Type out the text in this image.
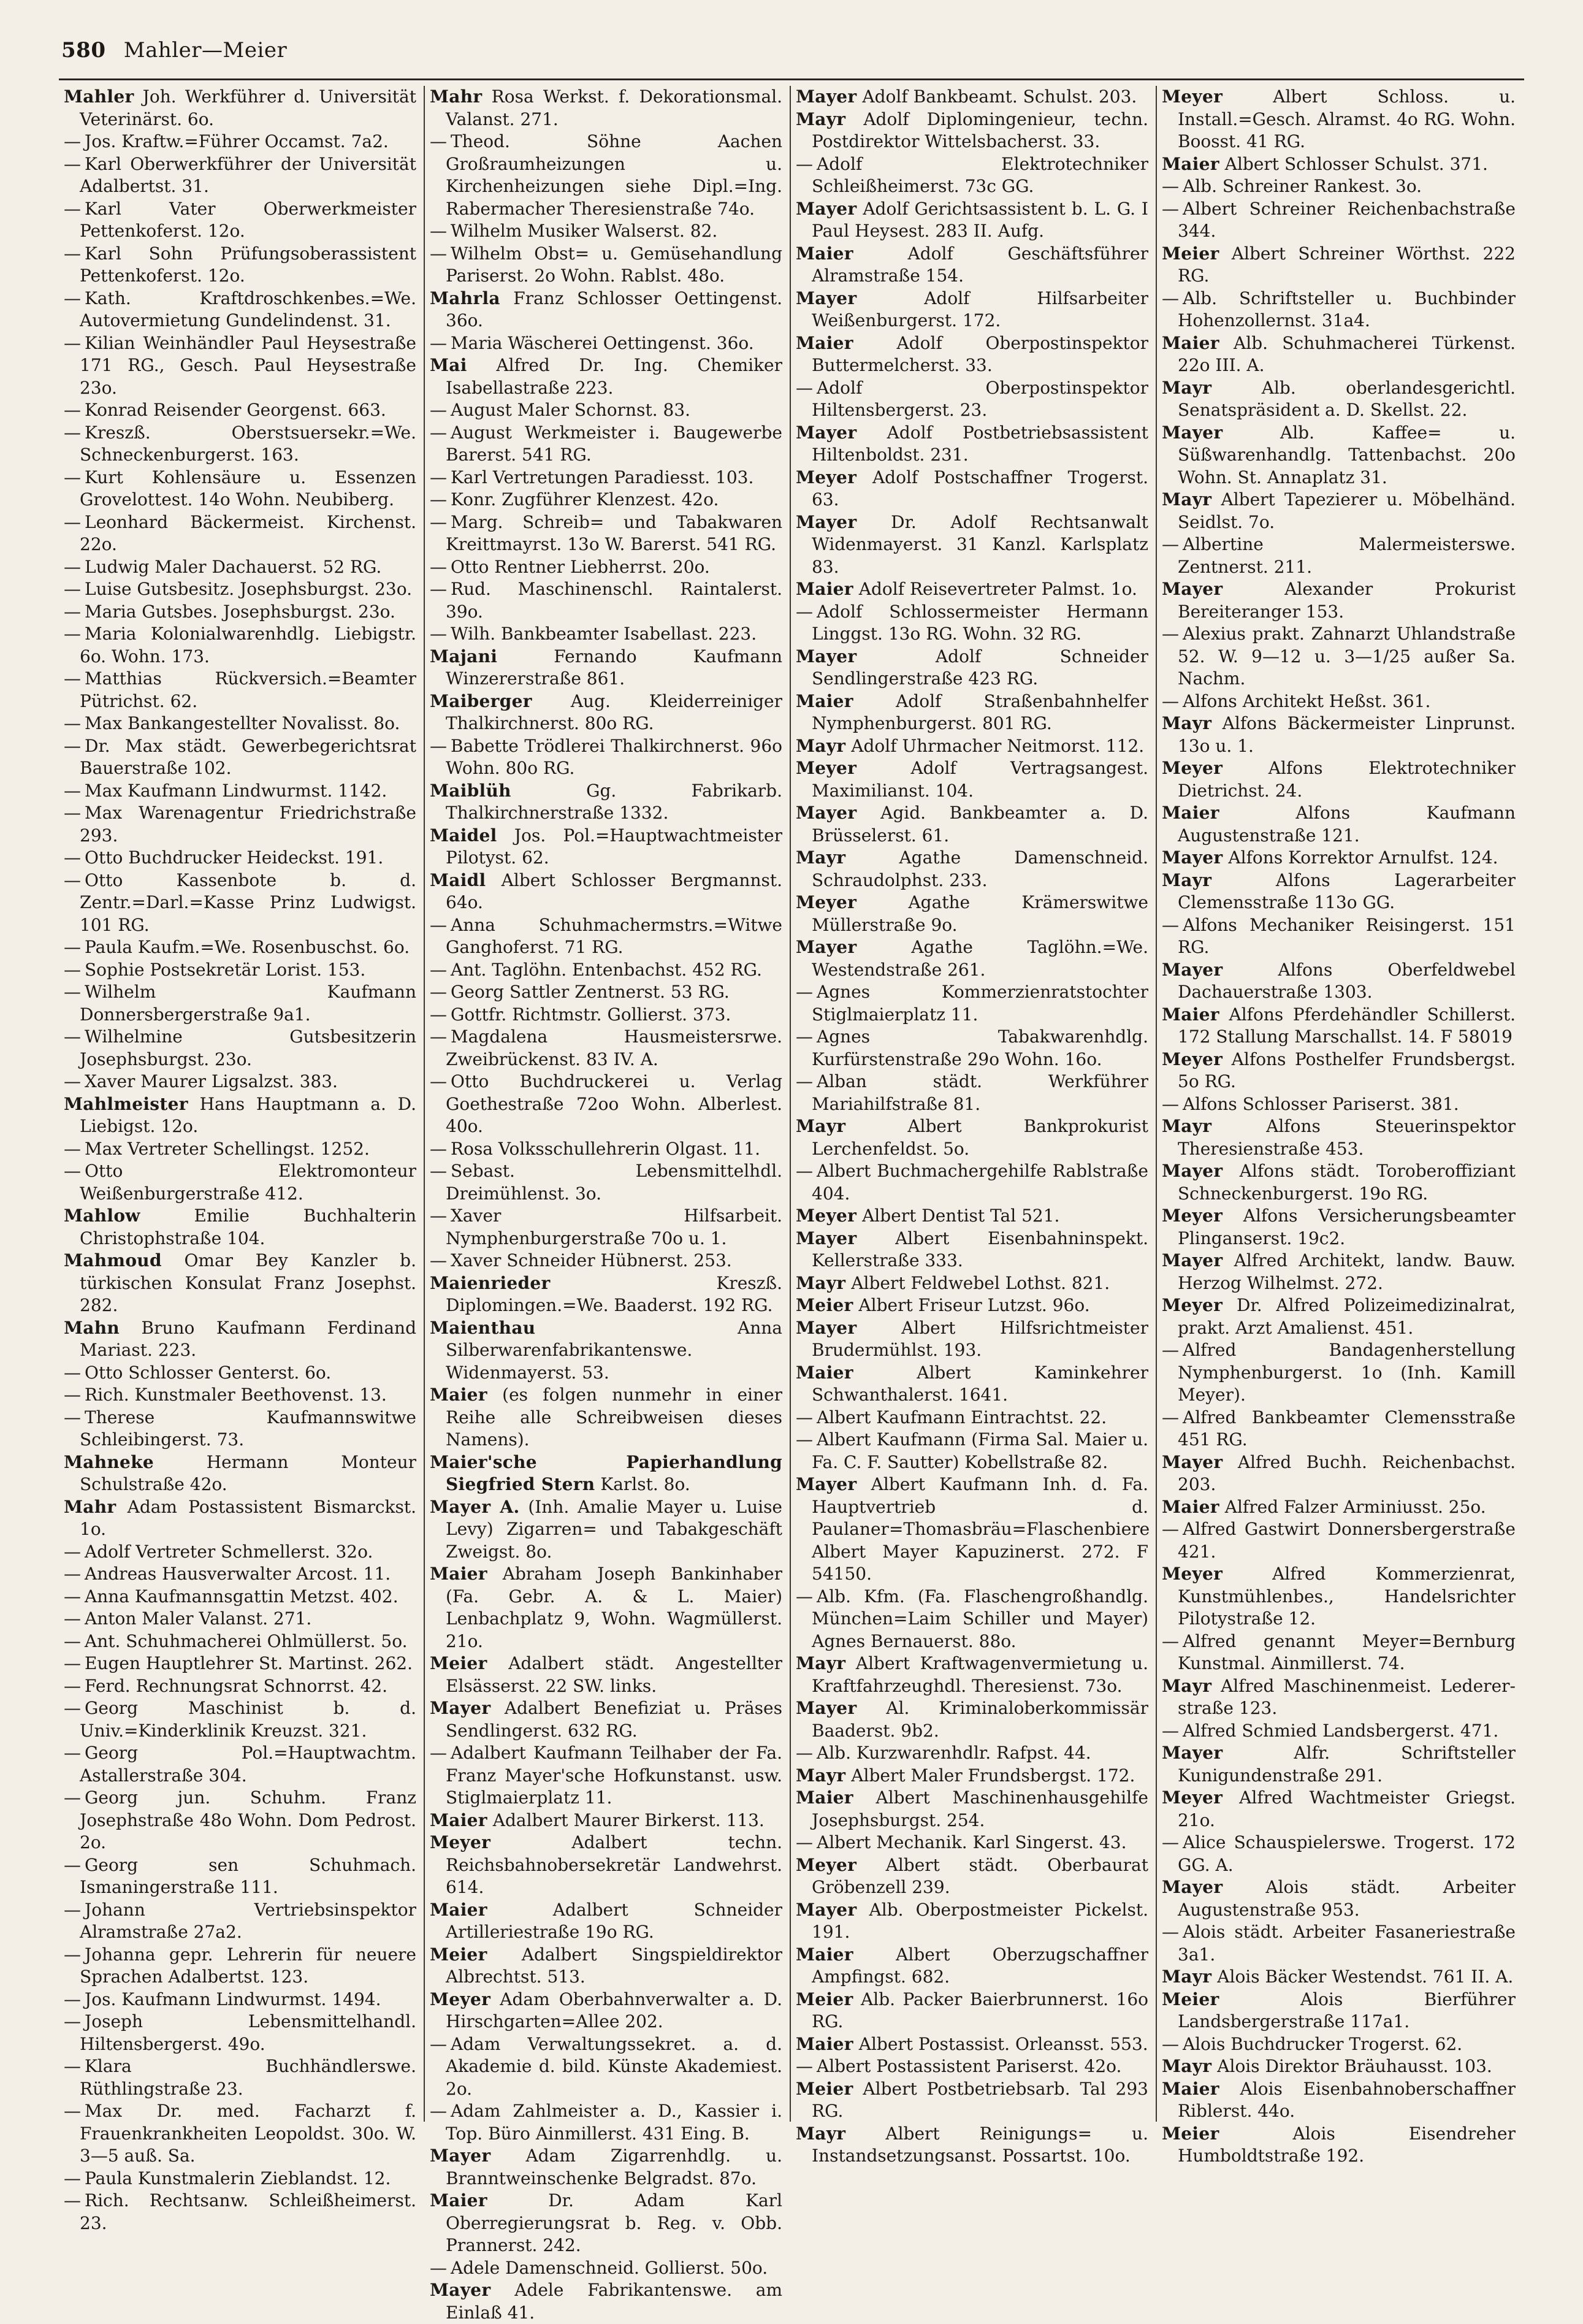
580 Mahler—Meier

Mahler Joh. Werkführer d. Universität Veterinärst. 6o.

— Jos. Kraftw.=Führer Occamst. 7a2.

— Karl Oberwerkführer der Universität Adalbertst. 31.

— Karl Vater Oberwerkmeister Pettenkoferst. 12o.

— Karl Sohn Prüfungsoberassistent Pettenkoferst. 12o.

— Kath. Kraftdroschkenbes.=We. Autovermietung Gundelindenst. 31.

— Kilian Weinhändler Paul Heysestraße 171 RG., Gesch. Paul Heysestraße 23o.

— Konrad Reisender Georgenst. 663.

— Kreszß. Oberstsuersekr.=We. Schneckenburgerst. 163.

— Kurt Kohlensäure u. Essenzen Grovelottest. 14o Wohn. Neubiberg.

— Leonhard Bäckermeist. Kirchenst. 22o.

— Ludwig Maler Dachauerst. 52 RG.

— Luise Gutsbesitz. Josephsburgst. 23o.

— Maria Gutsbes. Josephsburgst. 23o.

— Maria Kolonialwarenhdlg. Liebigstr. 6o. Wohn. 173.

— Matthias Rückversich.=Beamter Pütrichst. 62.

— Max Bankangestellter Novalisst. 8o.

— Dr. Max städt. Gewerbegerichtsrat Bauerstraße 102.

— Max Kaufmann Lindwurmst. 1142.

— Max Warenagentur Friedrichstraße 293.

— Otto Buchdrucker Heideckst. 191.

— Otto Kassenbote b. d. Zentr.=Darl.=Kasse Prinz Ludwigst. 101 RG.

— Paula Kaufm.=We. Rosenbuschst. 6o.

— Sophie Postsekretär Lorist. 153.

— Wilhelm Kaufmann Donnersbergerstraße 9a1.

— Wilhelmine Gutsbesitzerin Josephsburgst. 23o.

— Xaver Maurer Ligsalzst. 383.

Mahlmeister Hans Hauptmann a. D. Liebigst. 12o.

— Max Vertreter Schellingst. 1252.

— Otto Elektromonteur Weißenburgerstraße 412.

Mahlow	Emilie Buchhalterin Christophstraße 104.

Mahmoud Omar Bey Kanzler b. türkischen Konsulat Franz Josephst. 282.

Mahn Bruno Kaufmann Ferdinand Mariast. 223.

— Otto Schlosser Genterst. 6o.

— Rich. Kunstmaler Beethovenst. 13.

— Therese Kaufmannswitwe Schleibingerst. 73.

Mahneke	Hermann Monteur Schulstraße 42o.

Mahr Adam Postassistent Bismarckst. 1o.

— Adolf Vertreter Schmellerst. 32o.

— Andreas Hausverwalter Arcost. 11.

— Anna Kaufmannsgattin Metzst. 402.

— Anton Maler Valanst. 271.

— Ant. Schuhmacherei Ohlmüllerst. 5o.

— Eugen Hauptlehrer St. Martinst. 262.

— Ferd. Rechnungsrat Schnorrst. 42.

— Georg Maschinist b. d. Univ.=Kinderklinik Kreuzst. 321.

— Georg Pol.=Hauptwachtm. Astallerstraße 304.

— Georg jun. Schuhm. Franz Josephstraße 48o Wohn. Dom Pedrost. 2o.

— Georg sen Schuhmach. Ismaningerstraße 111.

— Johann Vertriebsinspektor Alramstraße 27a2.

— Johanna gepr. Lehrerin für neuere Sprachen Adalbertst. 123.

— Jos. Kaufmann Lindwurmst. 1494.

— Joseph Lebensmittelhandl. Hiltensbergerst. 49o.

— Klara Buchhändlerswe. Rüthlingstraße 23.

— Max Dr. med. Facharzt f. Frauenkrankheiten Leopoldst. 30o. W. 3—5 auß. Sa.

— Paula Kunstmalerin Zieblandst. 12.

— Rich. Rechtsanw. Schleißheimerst. 23.

Mahr Rosa Werkst. f. Dekorationsmal. Valanst. 271.

— Theod. Söhne Aachen Großraumheizungen u. Kirchenheizungen siehe Dipl.=Ing. Rabermacher Theresienstraße 74o.

— Wilhelm Musiker Walserst. 82.

— Wilhelm Obst= u. Gemüsehandlung Pariserst. 2o Wohn. Rablst. 48o.

Mahrla Franz Schlosser Oettingenst. 36o.

— Maria Wäscherei Oettingenst. 36o.

Mai Alfred Dr. Ing. Chemiker Isabellastraße 223.

— August Maler Schornst. 83.

— August Werkmeister i. Baugewerbe Barerst. 541 RG.

— Karl Vertretungen Paradiesst. 103.

— Konr. Zugführer Klenzest. 42o.

— Marg. Schreib= und Tabakwaren Kreittmayrst. 13o W. Barerst. 541 RG.

— Otto Rentner Liebherrst. 20o.

— Rud. Maschinenschl. Raintalerst. 39o.

— Wilh. Bankbeamter Isabellast. 223.

Majani	Fernando Kaufmann Winzererstraße 861.

Maiberger Aug. Kleiderreiniger Thalkirchnerst. 80o RG.

— Babette Trödlerei Thalkirchnerst. 96o Wohn. 80o RG.

Maiblüh	Gg. Fabrikarb. Thalkirchnerstraße 1332.

Maidel Jos. Pol.=Hauptwachtmeister Pilotyst. 62.

Maidl Albert Schlosser Bergmannst. 64o.

— Anna Schuhmachermstrs.=Witwe Ganghoferst. 71 RG.

— Ant. Taglöhn. Entenbachst. 452 RG.

— Georg Sattler Zentnerst. 53 RG.

— Gottfr. Richtmstr. Gollierst. 373.

— Magdalena Hausmeistersrwe. Zweibrückenst. 83 IV. A.

— Otto Buchdruckerei u. Verlag Goethestraße 72oo Wohn. Alberlest. 40o.

— Rosa Volksschullehrerin Olgast. 11.

— Sebast. Lebensmittelhdl. Dreimühlenst. 3o.

— Xaver Hilfsarbeit. Nymphenburgerstraße 70o u. 1.

— Xaver Schneider Hübnerst. 253.

Maienriedеr	Kreszß. Diplomingen.=We. Baaderst. 192 RG.

Maienthau	Anna Silberwarenfabrikantenswe. Widenmayerst. 53.

Maier (es folgen nunmehr in einer Reihe alle Schreibweisen dieses Namens).

Maier'sche Papierhandlung Siegfried Stern Karlst. 8o.

Mayer A. (Inh. Amalie Mayer u. Luise Levy) Zigarren= und Tabakgeschäft Zweigst. 8o.

Maier Abraham Joseph Bankinhaber (Fa. Gebr. A. & L. Maier) Lenbachplatz 9, Wohn. Wagmüllerst. 21o.

Meier Adalbert städt. Angestellter Elsässerst. 22 SW. links.

Mayer Adalbert Benefiziat u. Präses Sendlingerst. 632 RG.

— Adalbert Kaufmann Teilhaber der Fa. Franz Mayer'sche Hofkunstanst. usw. Stiglmaierplatz 11.

Maier Adalbert Maurer Birkerst. 113.

Meyer	Adalbert techn. Reichsbahnobersekretär Landwehrst. 614.

Maier	Adalbert Schneider Artilleriestraße 19o RG.

Meier Adalbert Singspieldirektor Albrechtst. 513.

Meyer Adam Oberbahnverwalter a. D. Hirschgarten=Allee 202.

— Adam Verwaltungssekret. a. d. Akademie d. bild. Künste Akademiest. 2o.

— Adam Zahlmeister a. D., Kassier i. Top. Büro Ainmillerst. 431 Eing. B.

Mayer Adam Zigarrenhdlg. u. Branntweinschenke Belgradst. 87o.

Maier	Dr. Adam Karl Oberregierungsrat b. Reg. v. Obb. Prannerst. 242.

— Adele Damenschneid. Gollierst. 50o.

Mayer Adele Fabrikantenswe. am Einlaß 41.

Mayer Adolf Bankbeamt. Schulst. 203.

Mayr Adolf Diplomingenieur, techn. Postdirektor Wittelsbacherst. 33.

— Adolf Elektrotechniker Schleißheimerst. 73c GG.

Mayer Adolf Gerichtsassistent b. L. G. I Paul Heysest. 283 II. Aufg.

Maier	Adolf Geschäftsführer Alramstraße 154.

Mayer	Adolf Hilfsarbeiter Weißenburgerst. 172.

Maier	Adolf Oberpostinspektor Buttermelcherst. 33.

— Adolf Oberpostinspektor Hiltensbergerst. 23.

Mayer Adolf Postbetriebsassistent Hiltenboldst. 231.

Meyer Adolf Postschaffner Trogerst. 63.

Mayer Dr. Adolf Rechtsanwalt Widenmayerst. 31 Kanzl. Karlsplatz 83.

Maier Adolf Reisevertreter Palmst. 1o.

— Adolf Schlossermeister Hermann Linggst. 13o RG. Wohn. 32 RG.

Mayer	Adolf Schneider Sendlingerstraße 423 RG.

Maier Adolf Straßenbahnhelfer Nymphenburgerst. 801 RG.

Mayr Adolf Uhrmacher Neitmorst. 112.

Meyer	Adolf Vertragsangest. Maximilianst. 104.

Mayer Agid. Bankbeamter a. D. Brüsselerst. 61.

Mayr	Agathe Damenschneid. Schraudolphst. 233.

Meyer	Agathe Krämerswitwe Müllerstraße 9o.

Mayer	Agathe Taglöhn.=We. Westendstraße 261.

— Agnes Kommerzienratstochter Stiglmaierplatz 11.

— Agnes Tabakwarenhdlg. Kurfürstenstraße 29o Wohn. 16o.

— Alban städt. Werkführer Mariahilfstraße 81.

Mayr	Albert Bankprokurist Lerchenfeldst. 5o.

— Albert Buchmachergehilfe Rablstraße 404.

Meyer Albert Dentist Tal 521.

Mayer Albert Eisenbahninspekt. Kellerstraße 333.

Mayr Albert Feldwebel Lothst. 821.

Meier Albert Friseur Lutzst. 96o.

Mayer	Albert Hilfsrichtmeister Brudermühlst. 193.

Maier	Albert Kaminkehrer Schwanthalerst. 1641.

— Albert Kaufmann Eintrachtst. 22.

— Albert Kaufmann (Firma Sal. Maier u. Fa. C. F. Sautter) Kobellstraße 82.

Mayer Albert Kaufmann Inh. d. Fa. Hauptvertrieb d. Paulaner=Thomasbräu=Flaschenbiere Albert Mayer Kapuzinerst. 272. F 54150.

— Alb. Kfm. (Fa. Flaschengroßhandlg. München=Laim Schiller und Mayer) Agnes Bernauerst. 88o.

Mayr Albert Kraftwagenvermietung u. Kraftfahrzeughdl. Theresienst. 73o.

Mayer Al. Kriminaloberkommissär Baaderst. 9b2.

— Alb. Kurzwarenhdlr. Rafpst. 44.

Mayr Albert Maler Frundsbergst. 172.

Maier Albert Maschinenhausgehilfe Josephsburgst. 254.

— Albert Mechanik. Karl Singerst. 43.

Meyer Albert städt. Oberbaurat Gröbenzell 239.

Mayer Alb. Oberpostmeister Pickelst. 191.

Maier Albert Oberzugschaffner Ampfingst. 682.

Meier Alb. Packer Baierbrunnerst. 16o RG.

Maier Albert Postassist. Orleansst. 553.

— Albert Postassistent Pariserst. 42o.

Meier Albert Postbetriebsarb. Tal 293 RG.

Mayr Albert Reinigungs= u. Instandsetzungsanst. Possartst. 10o.

Meyer	Albert Schloss. u. Install.=Gesch. Alramst. 4o RG. Wohn. Boosst. 41 RG.

Maier Albert Schlosser Schulst. 371.

— Alb. Schreiner Rankest. 3o.

— Albert Schreiner Reichenbachstraße 344.

Meier Albert Schreiner Wörthst. 222 RG.

— Alb. Schriftsteller u. Buchbinder Hohenzollernst. 31a4.

Maier Alb. Schuhmacherei Türkenst. 22o III. A.

Mayr	Alb. oberlandesgerichtl. Senatspräsident a. D. Skellst. 22.

Mayer	Alb. Kaffee= u. Süßwarenhandlg. Tattenbachst. 20o Wohn. St. Annaplatz 31.

Mayr Albert Tapezierer u. Möbelhänd. Seidlst. 7o.

— Albertine Malermeisterswe. Zentnerst. 211.

Mayer	Alexander Prokurist Bereiteranger 153.

— Alexius prakt. Zahnarzt Uhlandstraße 52. W. 9—12 u. 3—1/25 außer Sa. Nachm.

— Alfons Architekt Heßst. 361.

Mayr Alfons Bäckermeister Linprunst. 13o u. 1.

Meyer	Alfons Elektrotechniker Dietrichst. 24.

Maier	Alfons Kaufmann Augustenstraße 121.

Mayer Alfons Korrektor Arnulfst. 124.

Mayr	Alfons Lagerarbeiter Clemensstraße 113o GG.

— Alfons Mechaniker Reisingerst. 151 RG.

Mayer	Alfons Oberfeldwebel Dachauerstraße 1303.

Maier Alfons Pferdehändler Schillerst. 172 Stallung Marschallst. 14. F 58019

Meyer Alfons Posthelfer Frundsbergst. 5o RG.

— Alfons Schlosser Pariserst. 381.

Mayr	Alfons Steuerinspektor Theresienstraße 453.

Mayer Alfons städt. Toroberoffiziant Schneckenburgerst. 19o RG.

Meyer Alfons Versicherungsbeamter Plinganserst. 19c2.

Mayer Alfred Architekt, landw. Bauw. Herzog Wilhelmst. 272.

Meyer Dr. Alfred Polizeimedizinalrat, prakt. Arzt Amalienst. 451.

— Alfred Bandagenherstellung Nymphenburgerst. 1o (Inh. Kamill Meyer).

— Alfred Bankbeamter Clemensstraße 451 RG.

Mayer Alfred Buchh. Reichenbachst. 203.

Maier Alfred Falzer Arminiusst. 25o.

— Alfred Gastwirt Donnersbergerstraße 421.

Meyer	Alfred Kommerzienrat, Kunstmühlenbes., Handelsrichter Pilotystraße 12.

— Alfred genannt Meyer=Bernburg Kunstmal. Ainmillerst. 74.

Mayr Alfred Maschinenmeist. Ledererstraße 123.

— Alfred Schmied Landsbergerst. 471.

Mayer	Alfr. Schriftsteller Kunigundenstraße 291.

Meyer Alfred Wachtmeister Griegst. 21o.

— Alice Schauspielerswe. Trogerst. 172 GG. A.

Mayer Alois städt. Arbeiter Augustenstraße 953.

— Alois städt. Arbeiter Fasaneriestraße 3a1.

Mayr Alois Bäcker Westendst. 761 II. A.

Meier	Alois Bierführer Landsbergerstraße 117a1.

— Alois Buchdrucker Trogerst. 62.

Mayr Alois Direktor Bräuhausst. 103.

Maier Alois Eisenbahnoberschaffner Riblerst. 44o.

Meier	Alois Eisendreher Humboldtstraße 192.
